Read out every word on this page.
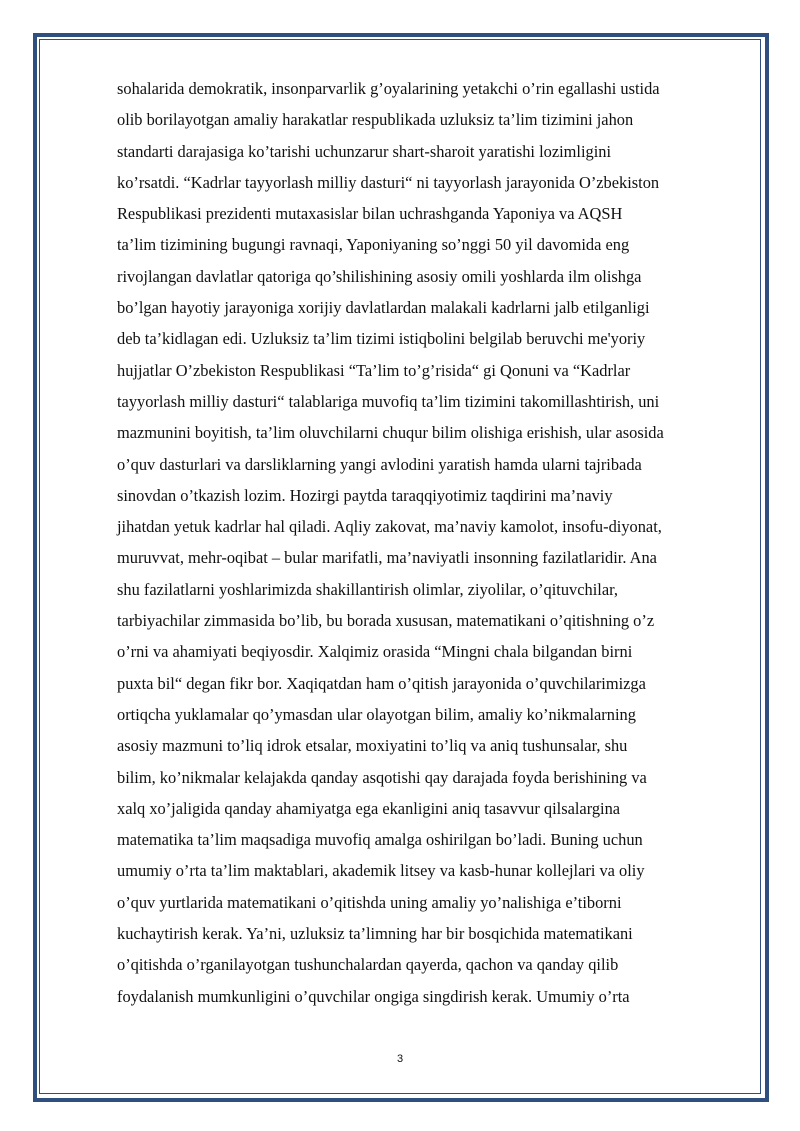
sohalarida demokratik, insonparvarlik g’oyalarining yetakchi o’rin egallashi ustida
olib borilayotgan amaliy harakatlar respublikada uzluksiz ta’lim tizimini jahon
standarti darajasiga ko’tarishi uchunzarur shart-sharoit yaratishi lozimligini
ko’rsatdi. “Kadrlar tayyorlash milliy dasturi“ ni tayyorlash jarayonida O’zbekiston
Respublikasi prezidenti mutaxasislar bilan uchrashganda Yaponiya va AQSH
ta’lim tizimining bugungi ravnaqi, Yaponiyaning so’nggi 50 yil davomida eng
rivojlangan davlatlar qatoriga qo’shilishining asosiy omili yoshlarda ilm olishga
bo’lgan hayotiy jarayoniga xorijiy davlatlardan malakali kadrlarni jalb etilganligi
deb ta’kidlagan edi. Uzluksiz ta’lim tizimi istiqbolini belgilab beruvchi me'yoriy
hujjatlar O’zbekiston Respublikasi “Ta’lim to’g’risida“ gi Qonuni va “Kadrlar
tayyorlash milliy dasturi“ talablariga muvofiq ta’lim tizimini takomillashtirish, uni
mazmunini boyitish, ta’lim oluvchilarni chuqur bilim olishiga erishish, ular asosida
o’quv dasturlari va darsliklarning yangi avlodini yaratish hamda ularni tajribada
sinovdan o’tkazish lozim. Hozirgi paytda taraqqiyotimiz taqdirini ma’naviy
jihatdan yetuk kadrlar hal qiladi. Aqliy zakovat, ma’naviy kamolot, insofu-diyonat,
muruvvat, mehr-oqibat – bular marifatli, ma’naviyatli insonning fazilatlaridir. Ana
shu fazilatlarni yoshlarimizda shakillantirish olimlar, ziyolilar, o’qituvchilar,
tarbiyachilar zimmasida bo’lib, bu borada xususan, matematikani o’qitishning o’z
o’rni va ahamiyati beqiyosdir. Xalqimiz orasida “Mingni chala bilgandan birni
puxta bil“ degan fikr bor. Xaqiqatdan ham o’qitish jarayonida o’quvchilarimizga
ortiqcha yuklamalar qo’ymasdan ular olayotgan bilim, amaliy ko’nikmalarning
asosiy mazmuni to’liq idrok etsalar, moxiyatini to’liq va aniq tushunsalar, shu
bilim, ko’nikmalar kelajakda qanday asqotishi qay darajada foyda berishining va
xalq xo’jaligida qanday ahamiyatga ega ekanligini aniq tasavvur qilsalargina
matematika ta’lim maqsadiga muvofiq amalga oshirilgan bo’ladi. Buning uchun
umumiy o’rta ta’lim maktablari, akademik litsey va kasb-hunar kollejlari va oliy
o’quv yurtlarida matematikani o’qitishda uning amaliy yo’nalishiga e’tiborni
kuchaytirish kerak. Ya’ni, uzluksiz ta’limning har bir bosqichida matematikani
o’qitishda o’rganilayotgan tushunchalardan qayerda, qachon va qanday qilib
foydalanish mumkunligini o’quvchilar ongiga singdirish kerak. Umumiy o’rta
3
